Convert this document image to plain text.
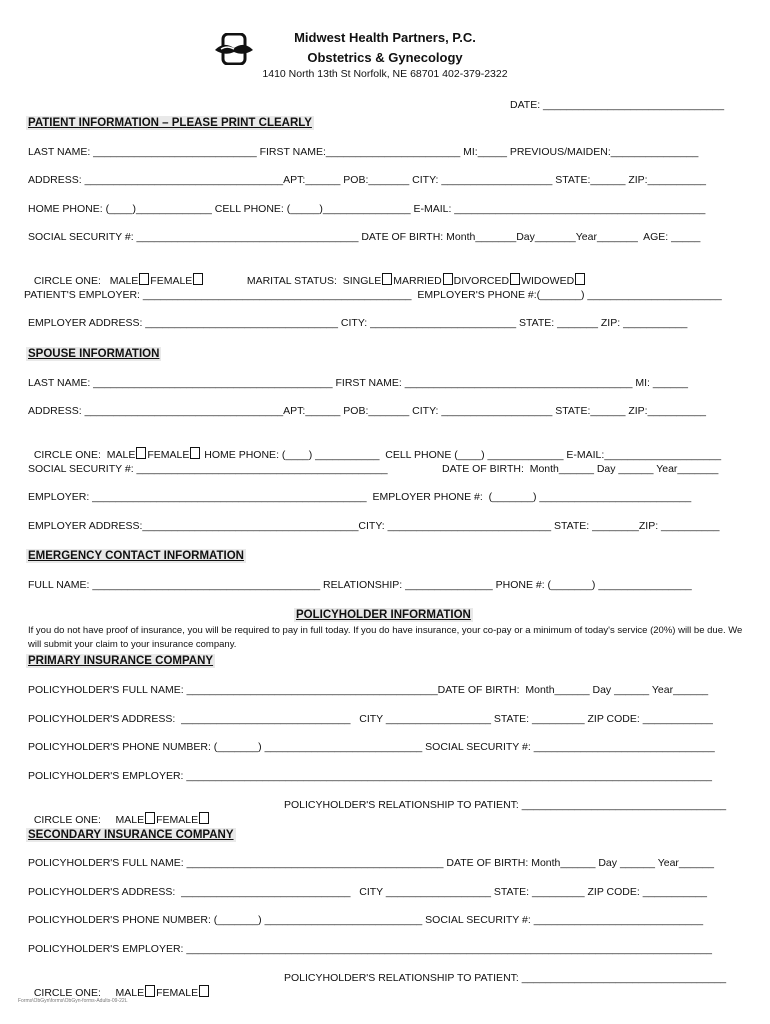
Midwest Health Partners, P.C.
Obstetrics & Gynecology
1410 North 13th St Norfolk, NE 68701 402-379-2322
DATE: _______________________________
PATIENT INFORMATION – PLEASE PRINT CLEARLY
LAST NAME: ____________________________ FIRST NAME:_______________________ MI:_____ PREVIOUS/MAIDEN:_______________
ADDRESS: __________________________________APT:______ POB:_______ CITY: ___________________ STATE:______ ZIP:__________
HOME PHONE: (____)_____________ CELL PHONE: (_____)_______________ E-MAIL: ___________________________________________
SOCIAL SECURITY #: ______________________________________ DATE OF BIRTH: Month_______Day_______Year_______  AGE: _____

CIRCLE ONE:   MALE FEMALE	MARITAL STATUS:  SINGLE MARRIED DIVORCED WIDOWED

PATIENT'S EMPLOYER: ______________________________________________  EMPLOYER'S PHONE #:(_______) _______________________
EMPLOYER ADDRESS: _________________________________ CITY: _________________________ STATE: _______ ZIP: ___________
SPOUSE INFORMATION
LAST NAME: _________________________________________ FIRST NAME: _______________________________________ MI: ______
ADDRESS: __________________________________APT:______ POB:_______ CITY: ___________________ STATE:______ ZIP:__________

CIRCLE ONE:  MALE FEMALE HOME PHONE: (____) ___________  CELL PHONE (____) _____________ E-MAIL:____________________

SOCIAL SECURITY #: ___________________________________________	DATE OF BIRTH:  Month______ Day ______ Year_______
EMPLOYER: _______________________________________________  EMPLOYER PHONE #:  (_______) __________________________
EMPLOYER ADDRESS:_____________________________________CITY: ____________________________ STATE: ________ZIP: __________
EMERGENCY CONTACT INFORMATION
FULL NAME: _______________________________________ RELATIONSHIP: _______________ PHONE #: (_______) ________________
POLICYHOLDER INFORMATION
If you do not have proof of insurance, you will be required to pay in full today. If you do have insurance, your co-pay or a minimum of today's service (20%) will be due. We will submit your claim to your insurance company.
PRIMARY INSURANCE COMPANY
POLICYHOLDER'S FULL NAME: ___________________________________________DATE OF BIRTH:  Month______ Day ______ Year______
POLICYHOLDER'S ADDRESS:  _____________________________   CITY __________________ STATE: _________ ZIP CODE: ____________
POLICYHOLDER'S PHONE NUMBER: (_______) ___________________________ SOCIAL SECURITY #: _______________________________
POLICYHOLDER'S EMPLOYER: __________________________________________________________________________________________

CIRCLE ONE:     MALE FEMALE

POLICYHOLDER'S RELATIONSHIP TO PATIENT: ___________________________________
SECONDARY INSURANCE COMPANY
POLICYHOLDER'S FULL NAME: ____________________________________________ DATE OF BIRTH: Month______ Day ______ Year______
POLICYHOLDER'S ADDRESS:  _____________________________   CITY __________________ STATE: _________ ZIP CODE: ___________
POLICYHOLDER'S PHONE NUMBER: (_______) ___________________________ SOCIAL SECURITY #: _____________________________
POLICYHOLDER'S EMPLOYER: __________________________________________________________________________________________

CIRCLE ONE:     MALE FEMALE

POLICYHOLDER'S RELATIONSHIP TO PATIENT: ___________________________________
Forms\ObGyn\forms\ObGyn-forms-Adults-09-22L
